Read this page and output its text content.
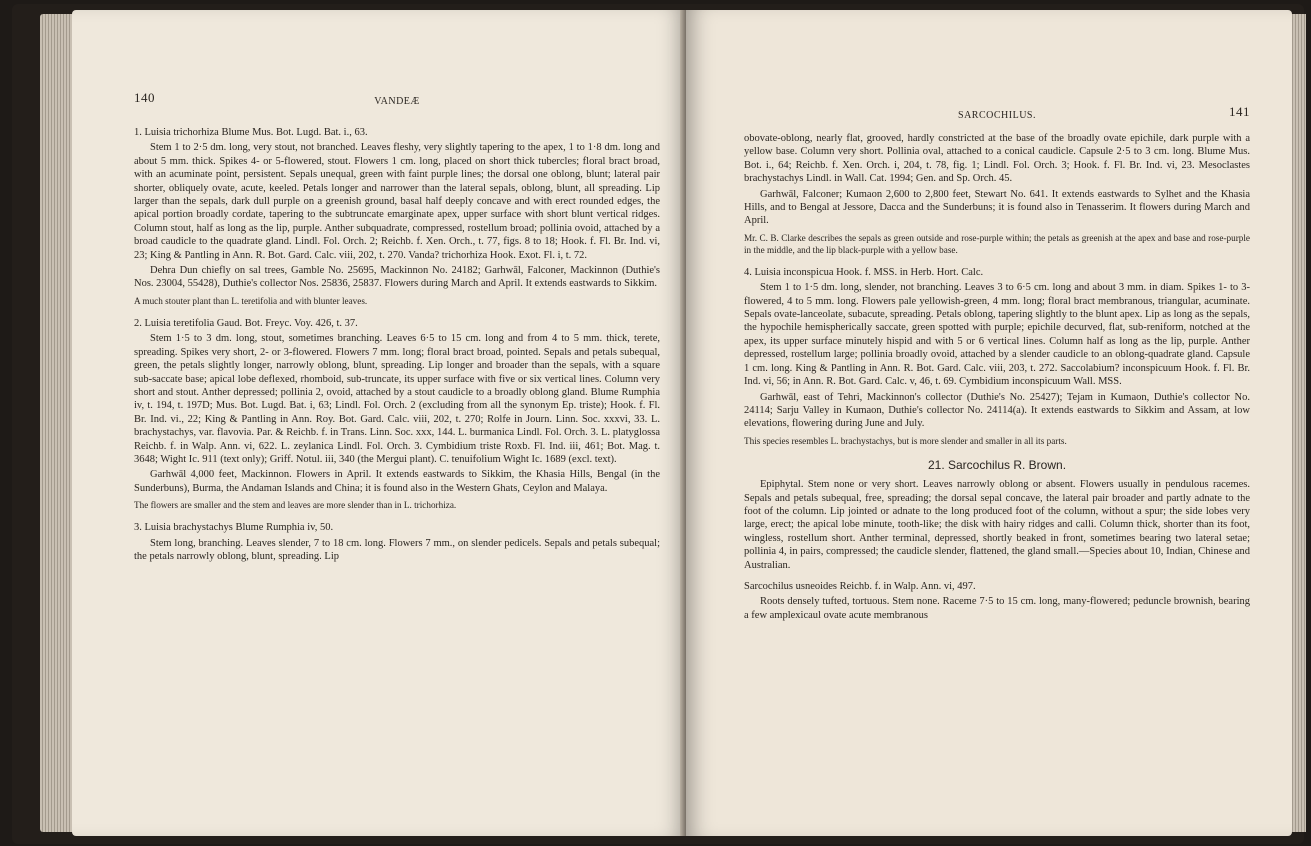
140	VANDEÆ

1. Luisia trichorhiza Blume Mus. Bot. Lugd. Bat. i., 63.

Stem 1 to 2·5 dm. long, very stout, not branched. Leaves fleshy, very slightly tapering to the apex, 1 to 1·8 dm. long and about 5 mm. thick. Spikes 4- or 5-flowered, stout. Flowers 1 cm. long, placed on short thick tubercles; floral bract broad, with an acuminate point, persistent. Sepals unequal, green with faint purple lines; the dorsal one oblong, blunt; lateral pair shorter, obliquely ovate, acute, keeled. Petals longer and narrower than the lateral sepals, oblong, blunt, all spreading. Lip larger than the sepals, dark dull purple on a greenish ground, basal half deeply concave and with erect rounded edges, the apical portion broadly cordate, tapering to the subtruncate emarginate apex, upper surface with short blunt vertical ridges. Column stout, half as long as the lip, purple. Anther subquadrate, compressed, rostellum broad; pollinia ovoid, attached by a broad caudicle to the quadrate gland. Lindl. Fol. Orch. 2; Reichb. f. Xen. Orch., t. 77, figs. 8 to 18; Hook. f. Fl. Br. Ind. vi, 23; King & Pantling in Ann. R. Bot. Gard. Calc. viii, 202, t. 270. Vanda? trichorhiza Hook. Exot. Fl. i, t. 72.

Dehra Dun chiefly on sal trees, Gamble No. 25695, Mackinnon No. 24182; Garhwāl, Falconer, Mackinnon (Duthie's Nos. 23004, 55428), Duthie's collector Nos. 25836, 25837. Flowers during March and April. It extends eastwards to Sikkim.

A much stouter plant than L. teretifolia and with blunter leaves.

2. Luisia teretifolia Gaud. Bot. Freyc. Voy. 426, t. 37.

Stem 1·5 to 3 dm. long, stout, sometimes branching. Leaves 6·5 to 15 cm. long and from 4 to 5 mm. thick, terete, spreading. Spikes very short, 2- or 3-flowered. Flowers 7 mm. long; floral bract broad, pointed. Sepals and petals subequal, green, the petals slightly longer, narrowly oblong, blunt, spreading. Lip longer and broader than the sepals, with a square sub-saccate base; apical lobe deflexed, rhomboid, sub-truncate, its upper surface with five or six vertical lines. Column very short and stout. Anther depressed; pollinia 2, ovoid, attached by a stout caudicle to a broadly oblong gland. Blume Rumphia iv, t. 194, t. 197D; Mus. Bot. Lugd. Bat. i, 63; Lindl. Fol. Orch. 2 (excluding from all the synonym Ep. triste); Hook. f. Fl. Br. Ind. vi., 22; King & Pantling in Ann. Roy. Bot. Gard. Calc. viii, 202, t. 270; Rolfe in Journ. Linn. Soc. xxxvi, 33. L. brachystachys, var. flavovia. Par. & Reichb. f. in Trans. Linn. Soc. xxx, 144. L. burmanica Lindl. Fol. Orch. 3. L. platyglossa Reichb. f. in Walp. Ann. vi, 622. L. zeylanica Lindl. Fol. Orch. 3. Cymbidium triste Roxb. Fl. Ind. iii, 461; Bot. Mag. t. 3648; Wight Ic. 911 (text only); Griff. Notul. iii, 340 (the Mergui plant). C. tenuifolium Wight Ic. 1689 (excl. text).

Garhwāl 4,000 feet, Mackinnon. Flowers in April. It extends eastwards to Sikkim, the Khasia Hills, Bengal (in the Sunderbuns), Burma, the Andaman Islands and China; it is found also in the Western Ghats, Ceylon and Malaya.

The flowers are smaller and the stem and leaves are more slender than in L. trichorhiza.

3. Luisia brachystachys Blume Rumphia iv, 50.

Stem long, branching. Leaves slender, 7 to 18 cm. long. Flowers 7 mm., on slender pedicels. Sepals and petals subequal; the petals narrowly oblong, blunt, spreading. Lip

SARCOCHILUS.	141

obovate-oblong, nearly flat, grooved, hardly constricted at the base of the broadly ovate epichile, dark purple with a yellow base. Column very short. Pollinia oval, attached to a conical caudicle. Capsule 2·5 to 3 cm. long. Blume Mus. Bot. i., 64; Reichb. f. Xen. Orch. i, 204, t. 78, fig. 1; Lindl. Fol. Orch. 3; Hook. f. Fl. Br. Ind. vi, 23. Mesoclastes brachystachys Lindl. in Wall. Cat. 1994; Gen. and Sp. Orch. 45.

Garhwāl, Falconer; Kumaon 2,600 to 2,800 feet, Stewart No. 641. It extends eastwards to Sylhet and the Khasia Hills, and to Bengal at Jessore, Dacca and the Sunderbuns; it is found also in Tenasserim. It flowers during March and April.

Mr. C. B. Clarke describes the sepals as green outside and rose-purple within; the petals as greenish at the apex and base and rose-purple in the middle, and the lip black-purple with a yellow base.

4. Luisia inconspicua Hook. f. MSS. in Herb. Hort. Calc.

Stem 1 to 1·5 dm. long, slender, not branching. Leaves 3 to 6·5 cm. long and about 3 mm. in diam. Spikes 1- to 3-flowered, 4 to 5 mm. long. Flowers pale yellowish-green, 4 mm. long; floral bract membranous, triangular, acuminate. Sepals ovate-lanceolate, subacute, spreading. Petals oblong, tapering slightly to the blunt apex. Lip as long as the sepals, the hypochile hemispherically saccate, green spotted with purple; epichile decurved, flat, sub-reniform, notched at the apex, its upper surface minutely hispid and with 5 or 6 vertical lines. Column half as long as the lip, purple. Anther depressed, rostellum large; pollinia broadly ovoid, attached by a slender caudicle to an oblong-quadrate gland. Capsule 1 cm. long. King & Pantling in Ann. R. Bot. Gard. Calc. viii, 203, t. 272. Saccolabium? inconspicuum Hook. f. Fl. Br. Ind. vi, 56; in Ann. R. Bot. Gard. Calc. v, 46, t. 69. Cymbidium inconspicuum Wall. MSS.

Garhwāl, east of Tehri, Mackinnon's collector (Duthie's No. 25427); Tejam in Kumaon, Duthie's collector No. 24114; Sarju Valley in Kumaon, Duthie's collector No. 24114(a). It extends eastwards to Sikkim and Assam, at low elevations, flowering during June and July.

This species resembles L. brachystachys, but is more slender and smaller in all its parts.

21. Sarcochilus R. Brown.

Epiphytal. Stem none or very short. Leaves narrowly oblong or absent. Flowers usually in pendulous racemes. Sepals and petals subequal, free, spreading; the dorsal sepal concave, the lateral pair broader and partly adnate to the foot of the column. Lip jointed or adnate to the long produced foot of the column, without a spur; the side lobes very large, erect; the apical lobe minute, tooth-like; the disk with hairy ridges and calli. Column thick, shorter than its foot, wingless, rostellum short. Anther terminal, depressed, shortly beaked in front, sometimes bearing two lateral setae; pollinia 4, in pairs, compressed; the caudicle slender, flattened, the gland small.—Species about 10, Indian, Chinese and Australian.

Sarcochilus usneoides Reichb. f. in Walp. Ann. vi, 497.

Roots densely tufted, tortuous. Stem none. Raceme 7·5 to 15 cm. long, many-flowered; peduncle brownish, bearing a few amplexicaul ovate acute membranous
